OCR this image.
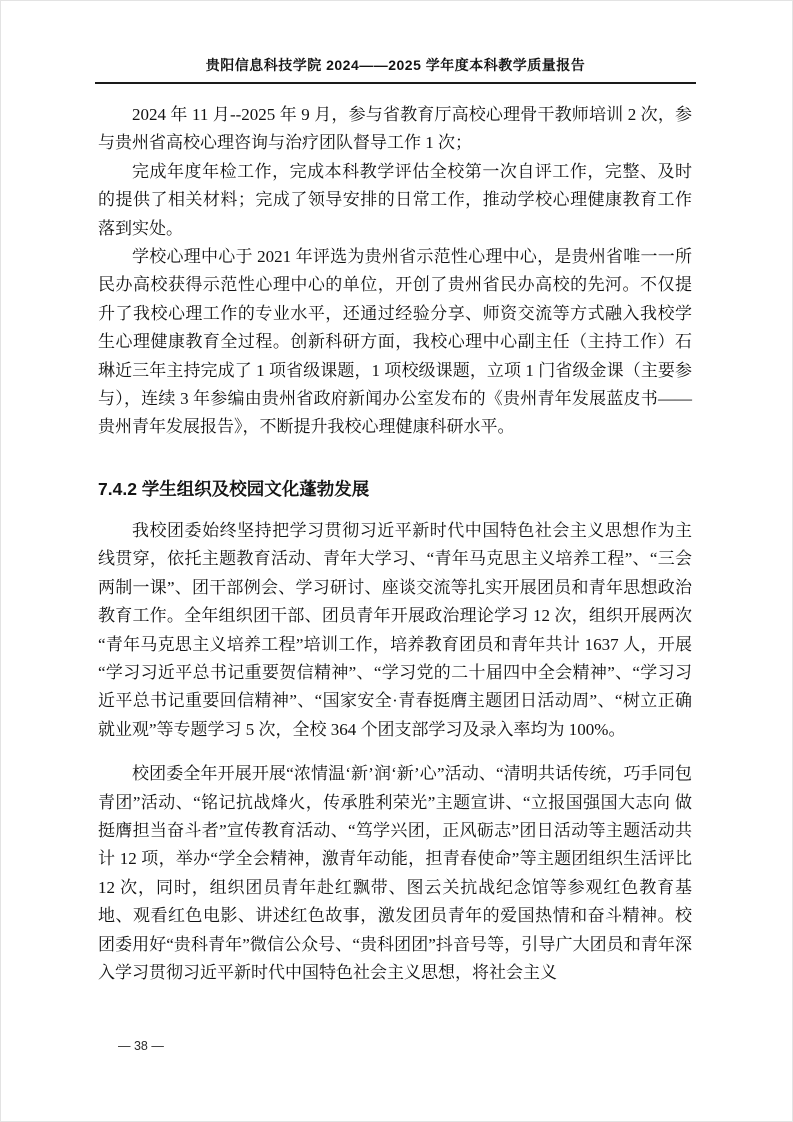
贵阳信息科技学院 2024——2025 学年度本科教学质量报告

2024 年 11 月--2025 年 9 月，参与省教育厅高校心理骨干教师培训 2 次，参与贵州省高校心理咨询与治疗团队督导工作 1 次；

完成年度年检工作，完成本科教学评估全校第一次自评工作，完整、及时的提供了相关材料；完成了领导安排的日常工作，推动学校心理健康教育工作落到实处。

学校心理中心于 2021 年评选为贵州省示范性心理中心，是贵州省唯一一所民办高校获得示范性心理中心的单位，开创了贵州省民办高校的先河。不仅提升了我校心理工作的专业水平，还通过经验分享、师资交流等方式融入我校学生心理健康教育全过程。创新科研方面，我校心理中心副主任（主持工作）石琳近三年主持完成了 1 项省级课题，1 项校级课题，立项 1 门省级金课（主要参与），连续 3 年参编由贵州省政府新闻办公室发布的《贵州青年发展蓝皮书——贵州青年发展报告》，不断提升我校心理健康科研水平。

7.4.2 学生组织及校园文化蓬勃发展

我校团委始终坚持把学习贯彻习近平新时代中国特色社会主义思想作为主线贯穿，依托主题教育活动、青年大学习、“青年马克思主义培养工程”、“三会两制一课”、团干部例会、学习研讨、座谈交流等扎实开展团员和青年思想政治教育工作。全年组织团干部、团员青年开展政治理论学习 12 次，组织开展两次“青年马克思主义培养工程”培训工作，培养教育团员和青年共计 1637 人，开展“学习习近平总书记重要贺信精神”、“学习党的二十届四中全会精神”、“学习习近平总书记重要回信精神”、“国家安全·青春挺膺主题团日活动周”、“树立正确就业观”等专题学习 5 次，全校 364 个团支部学习及录入率均为 100%。

校团委全年开展开展“浓情温‘新’润‘新’心”活动、“清明共话传统，巧手同包青团”活动、“铭记抗战烽火，传承胜利荣光”主题宣讲、“立报国强国大志向 做挺膺担当奋斗者”宣传教育活动、“笃学兴团，正风砺志”团日活动等主题活动共计 12 项，举办“学全会精神，激青年动能，担青春使命”等主题团组织生活评比 12 次，同时，组织团员青年赴红飘带、图云关抗战纪念馆等参观红色教育基地、观看红色电影、讲述红色故事，激发团员青年的爱国热情和奋斗精神。校团委用好“贵科青年”微信公众号、“贵科团团”抖音号等，引导广大团员和青年深入学习贯彻习近平新时代中国特色社会主义思想，将社会主义

— 38 —
